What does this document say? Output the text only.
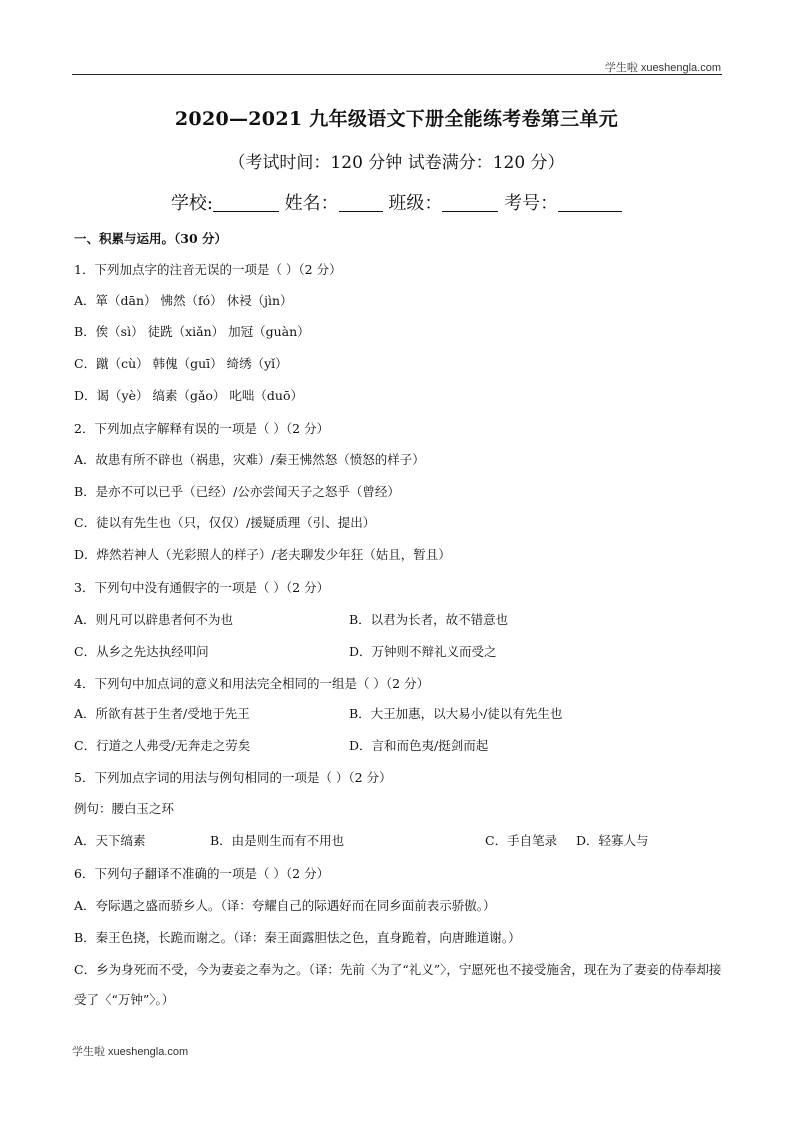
学生啦 xueshengla.com
2020—2021 九年级语文下册全能练考卷第三单元
（考试时间：120 分钟 试卷满分：120 分）
学校:	姓名：	班级：	考号：
一、积累与运用。（30 分）
1．下列加点字的注音无误的一项是（ ）（2 分）
A．箪（dān） 怫然（fó） 休祲（jìn）
B．俟（sì） 徒跣（xiǎn） 加冠（guàn）
C．蹴（cù） 韩傀（guī） 绮绣（yǐ）
D．谒（yè） 缟素（gǎo） 叱咄（duō）
2．下列加点字解释有误的一项是（ ）（2 分）
A．故患有所不辟也（祸患，灾难）/秦王怫然怒（愤怒的样子）
B．是亦不可以已乎（已经）/公亦尝闻天子之怒乎（曾经）
C．徒以有先生也（只，仅仅）/援疑质理（引、提出）
D．烨然若神人（光彩照人的样子）/老夫聊发少年狂（姑且，暂且）
3．下列句中没有通假字的一项是（ ）（2 分）
A．则凡可以辟患者何不为也	B．以君为长者，故不错意也
C．从乡之先达执经叩问	D．万钟则不辩礼义而受之
4．下列句中加点词的意义和用法完全相同的一组是（ ）（2 分）
A．所欲有甚于生者/受地于先王	B．大王加惠，以大易小/徒以有先生也
C．行道之人弗受/无奔走之劳矣	D．言和而色夷/挺剑而起
5．下列加点字词的用法与例句相同的一项是（ ）（2 分）
例句：腰白玉之环
A．天下缟素	B．由是则生而有不用也	C．手自笔录 D．轻寡人与
6．下列句子翻译不准确的一项是（ ）（2 分）
A．夸际遇之盛而骄乡人。（译：夸耀自己的际遇好而在同乡面前表示骄傲。）
B．秦王色挠，长跪而谢之。（译：秦王面露胆怯之色，直身跪着，向唐雎道谢。）
C．乡为身死而不受，今为妻妾之奉为之。（译：先前〈为了“礼义”〉，宁愿死也不接受施舍，现在为了妻妾的侍奉却接受了〈“万钟”〉。）
学生啦 xueshengla.com
